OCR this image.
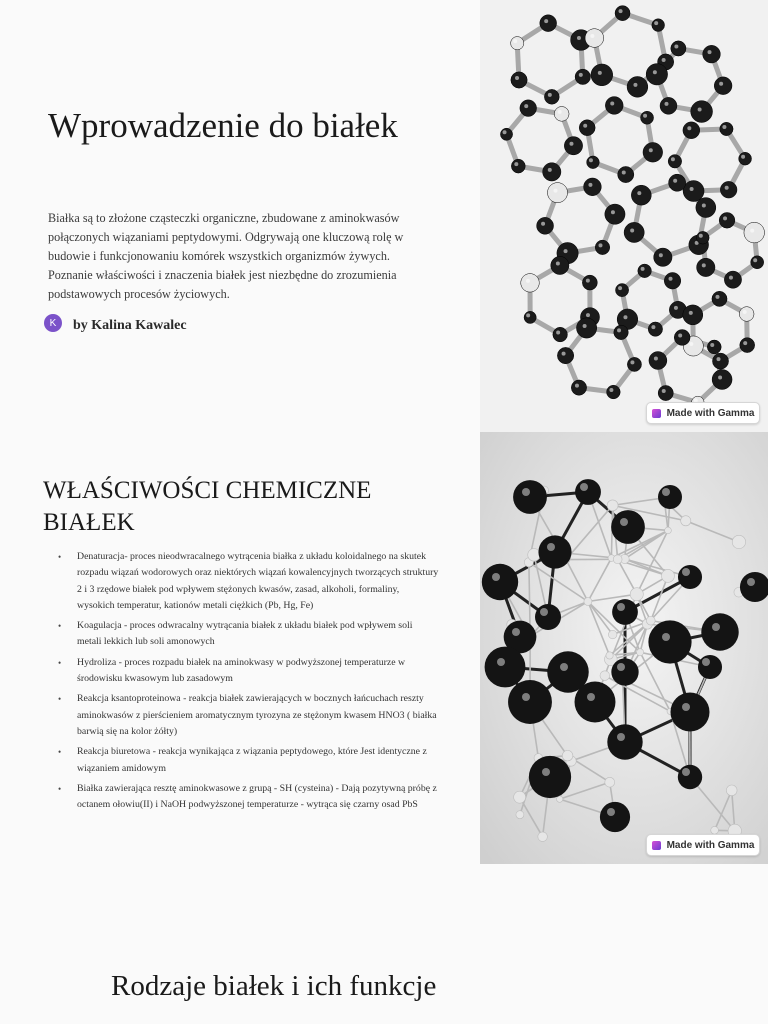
Wprowadzenie do białek

Białka są to złożone cząsteczki organiczne, zbudowane z aminokwasów połączonych wiązaniami peptydowymi. Odgrywają one kluczową rolę w budowie i funkcjonowaniu komórek wszystkich organizmów żywych. Poznanie właściwości i znaczenia białek jest niezbędne do zrozumienia podstawowych procesów życiowych.

K	by Kalina Kawalec
Made with Gamma
WŁAŚCIWOŚCI CHEMICZNE BIAŁEK
• Denaturacja- proces nieodwracalnego wytrącenia białka z układu koloidalnego na skutek rozpadu wiązań wodorowych oraz niektórych wiązań kowalencyjnych tworzących struktury 2 i 3 rzędowe białek pod wpływem stężonych kwasów, zasad, alkoholi, formaliny, wysokich temperatur, kationów metali ciężkich (Pb, Hg, Fe)
• Koagulacja - proces odwracalny wytrącania białek z układu białek pod wpływem soli metali lekkich lub soli amonowych
• Hydroliza - proces rozpadu białek na aminokwasy w podwyższonej temperaturze w środowisku kwasowym lub zasadowym
• Reakcja ksantoproteinowa - reakcja białek zawierających w bocznych łańcuchach reszty aminokwasów z pierścieniem aromatycznym tyrozyna ze stężonym kwasem HNO3 ( białka barwią się na kolor żółty)
• Reakcja biuretowa - reakcja wynikająca z wiązania peptydowego, które Jest identyczne z wiązaniem amidowym
• Białka zawierająca resztę aminokwasowe z grupą - SH (cysteina) - Dają pozytywną próbę z octanem ołowiu(II) i NaOH podwyższonej temperaturze - wytrąca się czarny osad PbS
Made with Gamma
Rodzaje białek i ich funkcje
